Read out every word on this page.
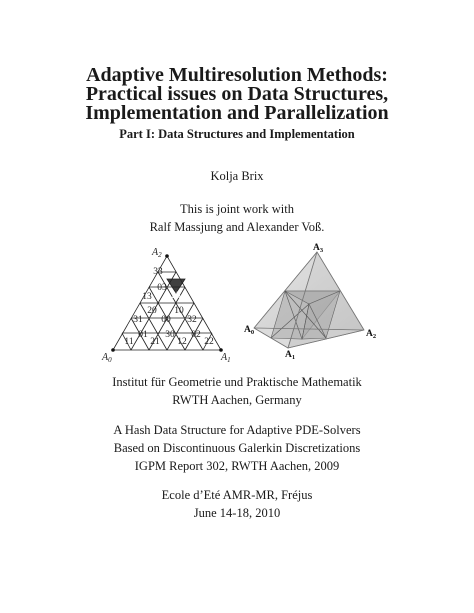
Adaptive Multiresolution Methods:
Practical issues on Data Structures,
Implementation and Parallelization
Part I: Data Structures and Implementation
Kolja Brix
This is joint work with
Ralf Massjung and Alexander Voß.
33
03
13 23
20 10
31 00 32
01 30
11 21 12
02
22
$A_0$	$A_1$
$A_2$
$A_3$
$A_0$
$A_1$
$A_2$
Institut für Geometrie und Praktische Mathematik
RWTH Aachen, Germany
A Hash Data Structure for Adaptive PDE-Solvers
Based on Discontinuous Galerkin Discretizations
IGPM Report 302, RWTH Aachen, 2009
Ecole d’Eté AMR-MR, Fréjus
June 14-18, 2010
